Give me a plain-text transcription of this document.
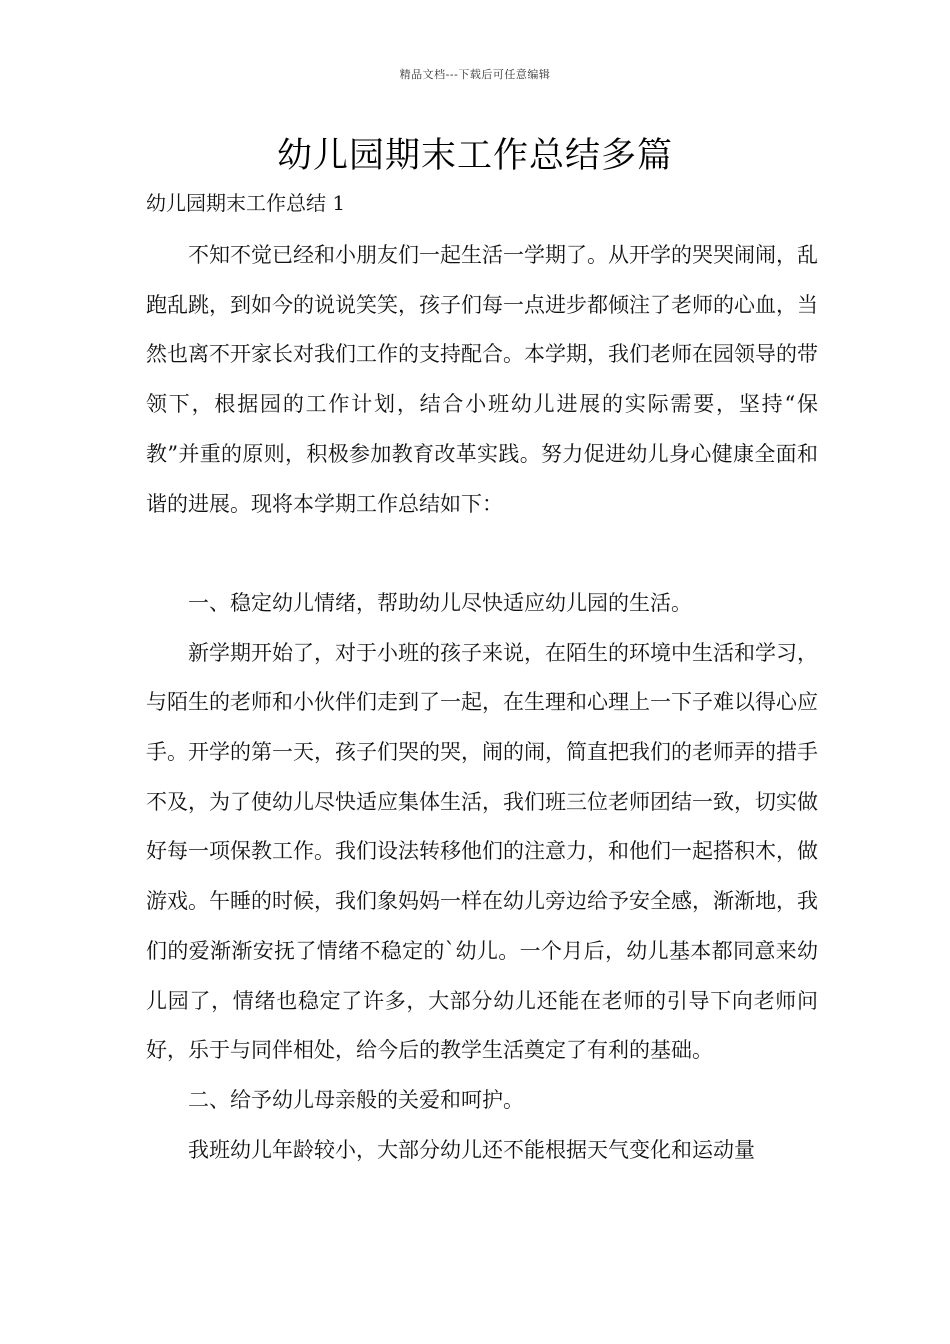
精品文档---下载后可任意编辑
幼儿园期末工作总结多篇
幼儿园期末工作总结 1

不知不觉已经和小朋友们一起生活一学期了。从开学的哭哭闹闹，乱跑乱跳，到如今的说说笑笑，孩子们每一点进步都倾注了老师的心血，当然也离不开家长对我们工作的支持配合。本学期，我们老师在园领导的带领下，根据园的工作计划，结合小班幼儿进展的实际需要，坚持“保教”并重的原则，积极参加教育改革实践。努力促进幼儿身心健康全面和谐的进展。现将本学期工作总结如下：

一、稳定幼儿情绪，帮助幼儿尽快适应幼儿园的生活。

新学期开始了，对于小班的孩子来说，在陌生的环境中生活和学习，与陌生的老师和小伙伴们走到了一起，在生理和心理上一下子难以得心应手。开学的第一天，孩子们哭的哭，闹的闹，简直把我们的老师弄的措手不及，为了使幼儿尽快适应集体生活，我们班三位老师团结一致，切实做好每一项保教工作。我们设法转移他们的注意力，和他们一起搭积木，做游戏。午睡的时候，我们象妈妈一样在幼儿旁边给予安全感，渐渐地，我们的爱渐渐安抚了情绪不稳定的`幼儿。一个月后，幼儿基本都同意来幼儿园了，情绪也稳定了许多，大部分幼儿还能在老师的引导下向老师问好，乐于与同伴相处，给今后的教学生活奠定了有利的基础。

二、给予幼儿母亲般的关爱和呵护。

我班幼儿年龄较小，大部分幼儿还不能根据天气变化和运动量
